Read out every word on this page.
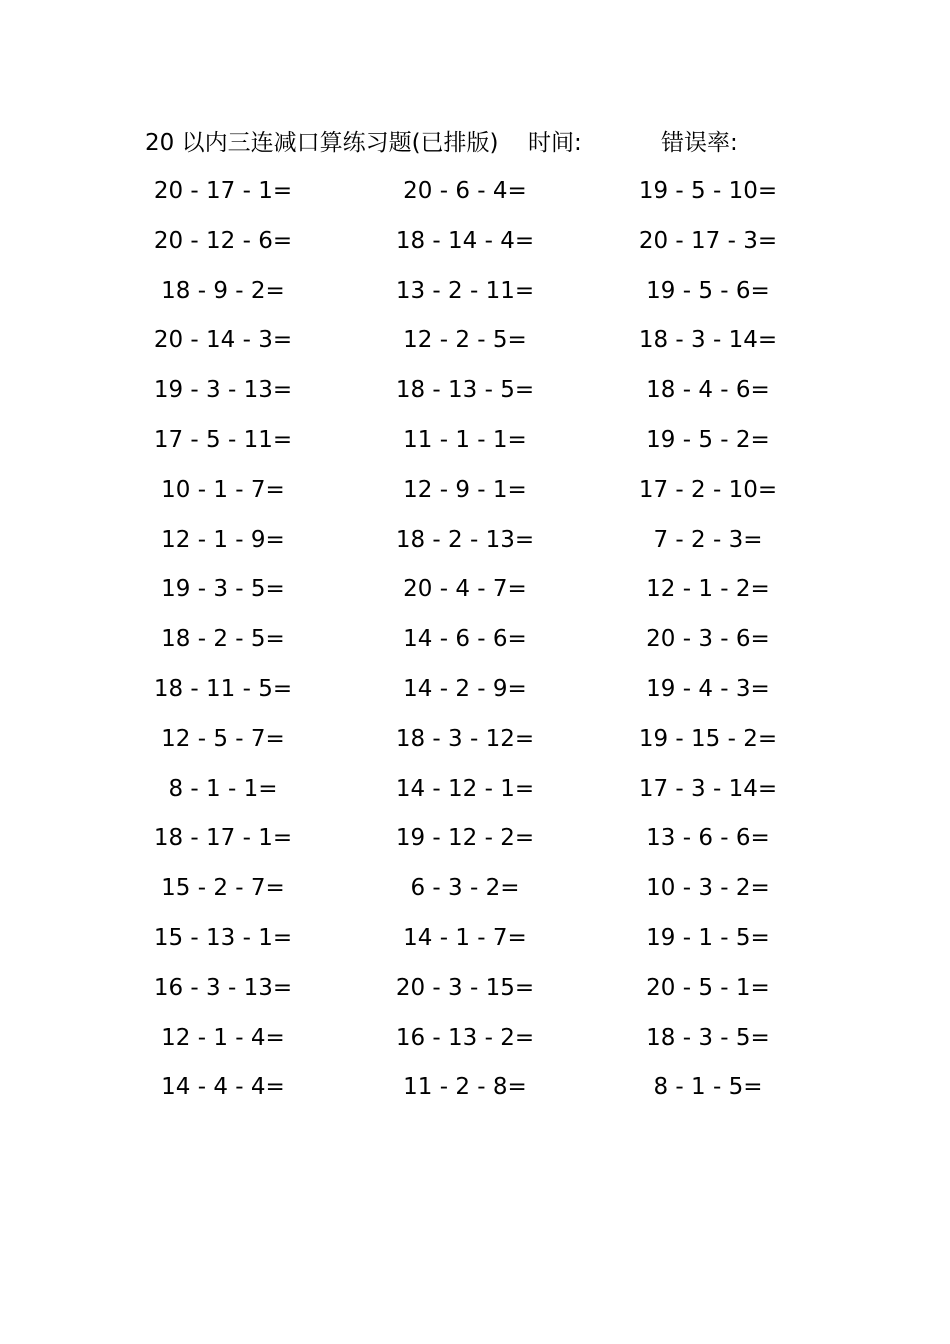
20 以内三连减口算练习题(已排版) 时间:	错误率:
20 - 17 - 1=	20 - 6 - 4=	19 - 5 - 10=
20 - 12 - 6=	18 - 14 - 4=	20 - 17 - 3=
18 - 9 - 2=	13 - 2 - 11=	19 - 5 - 6=
20 - 14 - 3=	12 - 2 - 5=	18 - 3 - 14=
19 - 3 - 13=	18 - 13 - 5=	18 - 4 - 6=
17 - 5 - 11=	11 - 1 - 1=	19 - 5 - 2=
10 - 1 - 7=	12 - 9 - 1=	17 - 2 - 10=
12 - 1 - 9=	18 - 2 - 13=	7 - 2 - 3=
19 - 3 - 5=	20 - 4 - 7=	12 - 1 - 2=
18 - 2 - 5=	14 - 6 - 6=	20 - 3 - 6=
18 - 11 - 5=	14 - 2 - 9=	19 - 4 - 3=
12 - 5 - 7=	18 - 3 - 12=	19 - 15 - 2=
8 - 1 - 1=	14 - 12 - 1=	17 - 3 - 14=
18 - 17 - 1=	19 - 12 - 2=	13 - 6 - 6=
15 - 2 - 7=	6 - 3 - 2=	10 - 3 - 2=
15 - 13 - 1=	14 - 1 - 7=	19 - 1 - 5=
16 - 3 - 13=	20 - 3 - 15=	20 - 5 - 1=
12 - 1 - 4=	16 - 13 - 2=	18 - 3 - 5=
14 - 4 - 4=	11 - 2 - 8=	8 - 1 - 5=
